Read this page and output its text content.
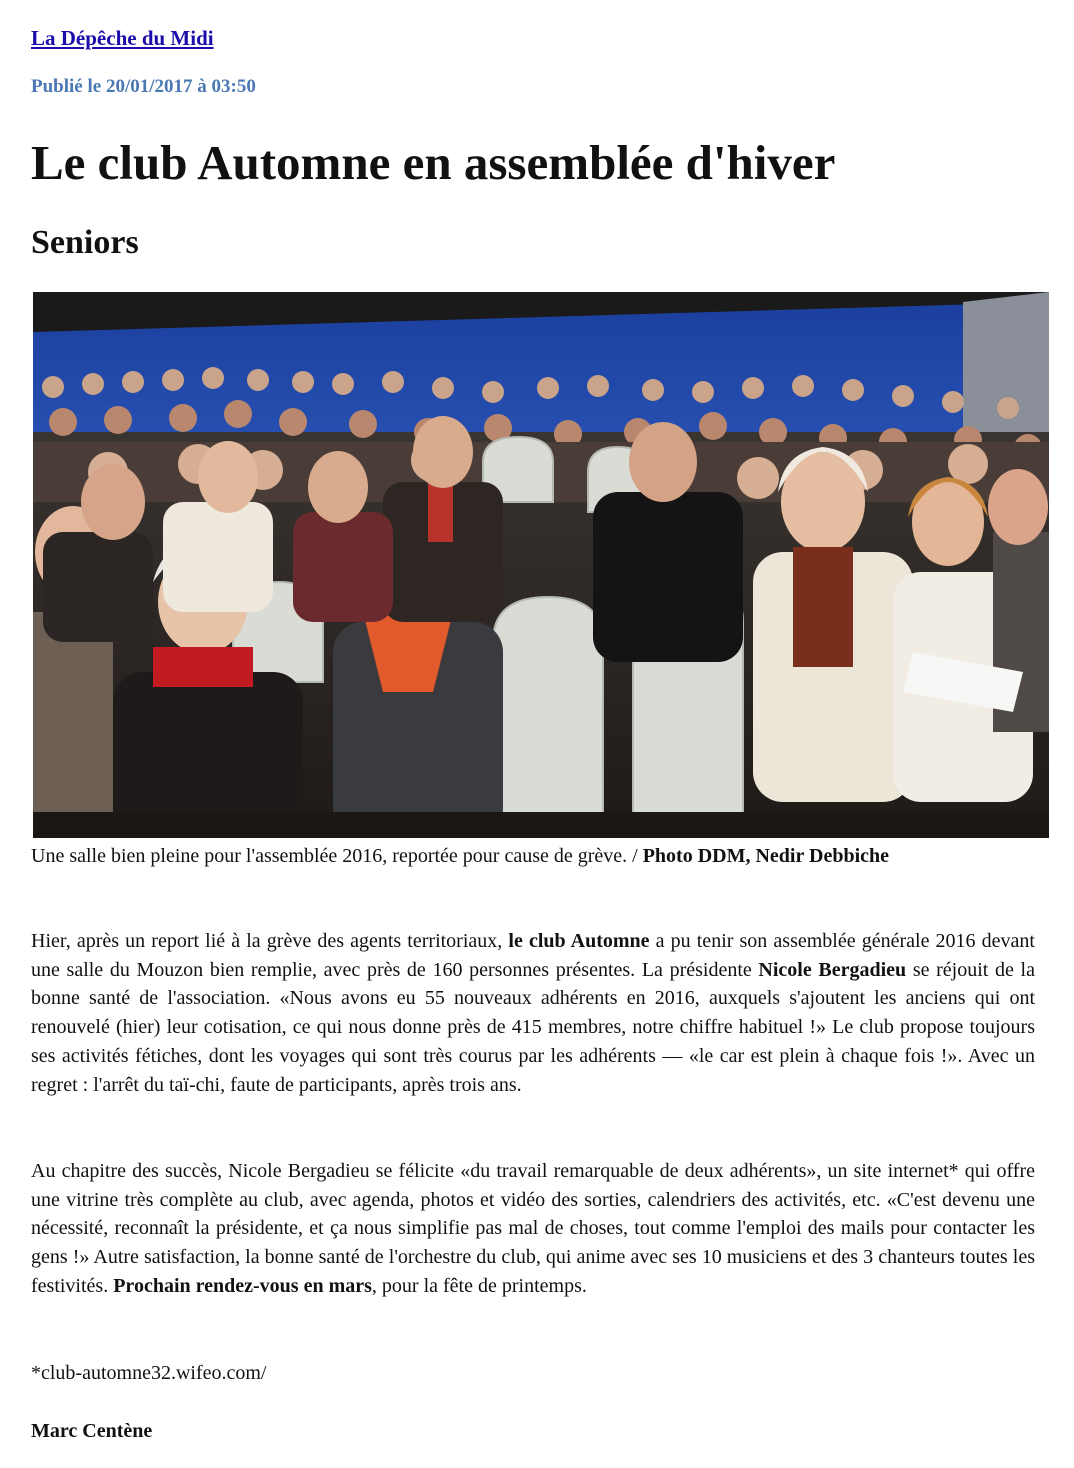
La Dépêche du Midi
Publié le 20/01/2017 à 03:50
Le club Automne en assemblée d'hiver
Seniors
Une salle bien pleine pour l'assemblée 2016, reportée pour cause de grève. / Photo DDM, Nedir Debbiche

Hier, après un report lié à la grève des agents territoriaux, le club Automne a pu tenir son assemblée générale 2016 devant une salle du Mouzon bien remplie, avec près de 160 personnes présentes. La présidente Nicole Bergadieu se réjouit de la bonne santé de l'association. «Nous avons eu 55 nouveaux adhérents en 2016, auxquels s'ajoutent les anciens qui ont renouvelé (hier) leur cotisation, ce qui nous donne près de 415 membres, notre chiffre habituel !» Le club propose toujours ses activités fétiches, dont les voyages qui sont très courus par les adhérents — «le car est plein à chaque fois !». Avec un regret : l'arrêt du taï-chi, faute de participants, après trois ans.

Au chapitre des succès, Nicole Bergadieu se félicite «du travail remarquable de deux adhérents», un site internet* qui offre une vitrine très complète au club, avec agenda, photos et vidéo des sorties, calendriers des activités, etc. «C'est devenu une nécessité, reconnaît la présidente, et ça nous simplifie pas mal de choses, tout comme l'emploi des mails pour contacter les gens !» Autre satisfaction, la bonne santé de l'orchestre du club, qui anime avec ses 10 musiciens et des 3 chanteurs toutes les festivités. Prochain rendez-vous en mars, pour la fête de printemps.

*club-automne32.wifeo.com/
Marc Centène
